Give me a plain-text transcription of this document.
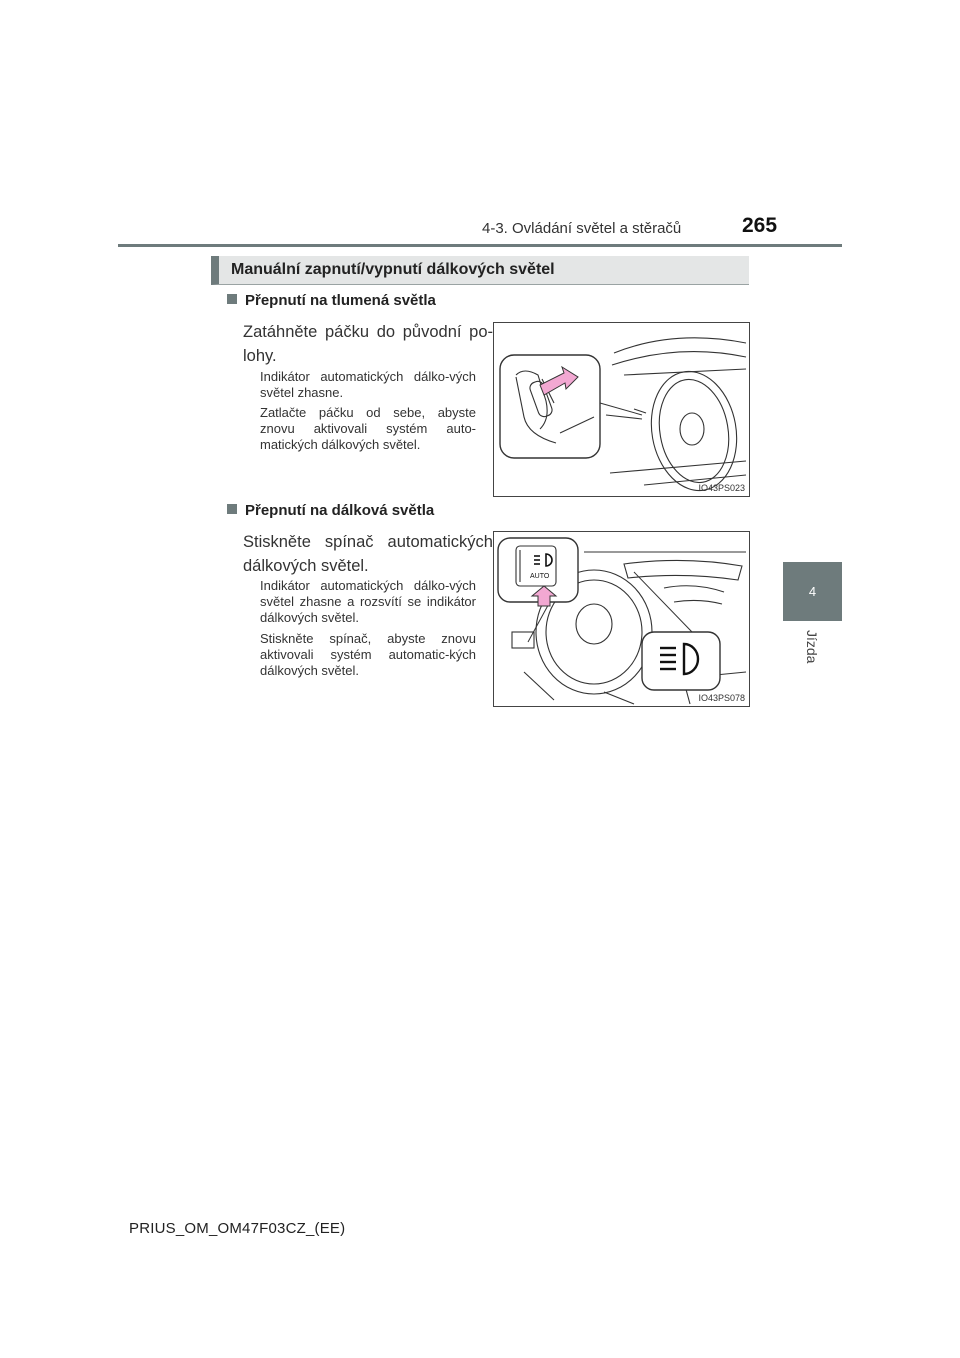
4-3. Ovládání světel a stěračů	265
4
Jízda
Manuální zapnutí/vypnutí dálkových světel
Přepnutí na tlumená světla
Zatáhněte páčku do původní po-lohy.
Indikátor automatických dálko-vých světel zhasne.
Zatlačte páčku od sebe, abyste znovu aktivovali systém auto-matických dálkových světel.
IO43PS023
Přepnutí na dálková světla
Stiskněte spínač automatických dálkových světel.
Indikátor automatických dálko-vých světel zhasne a rozsvítí se indikátor dálkových světel.
Stiskněte spínač, abyste znovu aktivovali systém automatic-kých dálkových světel.
AUTO
IO43PS078
PRIUS_OM_OM47F03CZ_(EE)
